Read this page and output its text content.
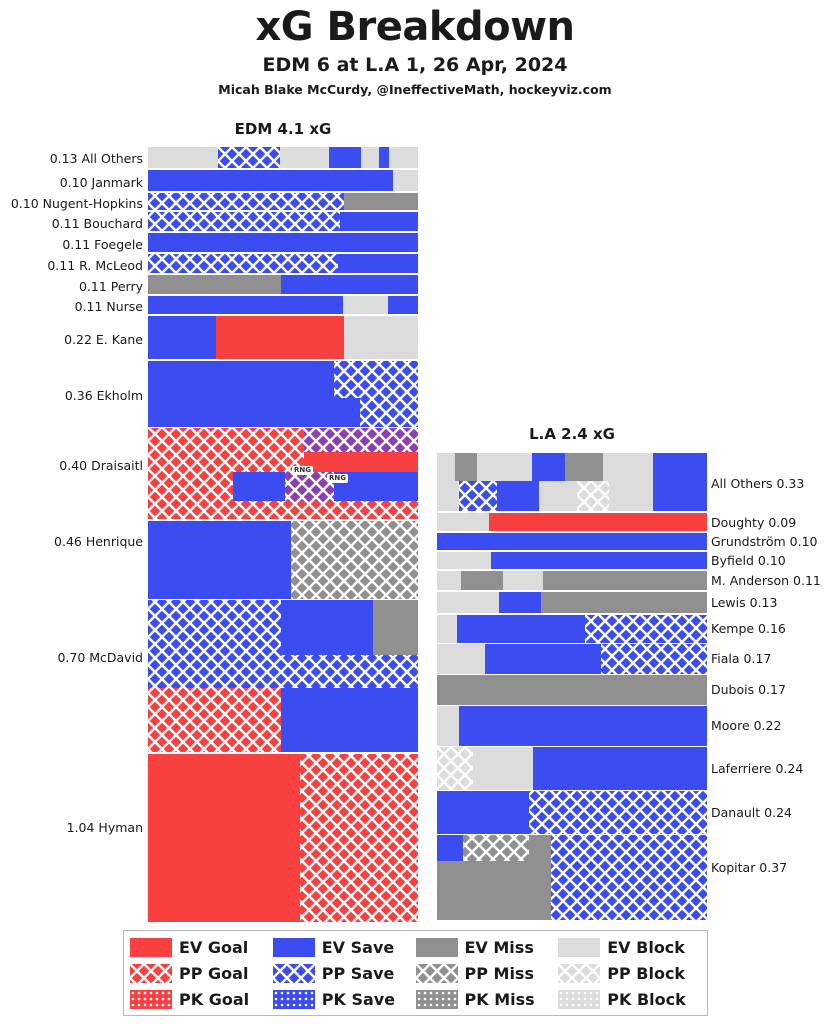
xG Breakdown
EDM 6 at L.A 1, 26 Apr, 2024
Micah Blake McCurdy, @IneffectiveMath, hockeyviz.com
EDM 4.1 xG
L.A 2.4 xG
RNG
RNG
0.13 All Others
0.10 Janmark
0.10 Nugent-Hopkins
0.11 Bouchard
0.11 Foegele
0.11 R. McLeod
0.11 Perry
0.11 Nurse
0.22 E. Kane
0.36 Ekholm
0.40 Draisaitl
0.46 Henrique
0.70 McDavid
1.04 Hyman
All Others 0.33
Doughty 0.09
Grundström 0.10
Byfield 0.10
M. Anderson 0.11
Lewis 0.13
Kempe 0.16
Fiala 0.17
Dubois 0.17
Moore 0.22
Laferriere 0.24
Danault 0.24
Kopitar 0.37
EV Goal	EV Save	EV Miss	EV Block
PP Goal	PP Save	PP Miss	PP Block
PK Goal	PK Save	PK Miss	PK Block
